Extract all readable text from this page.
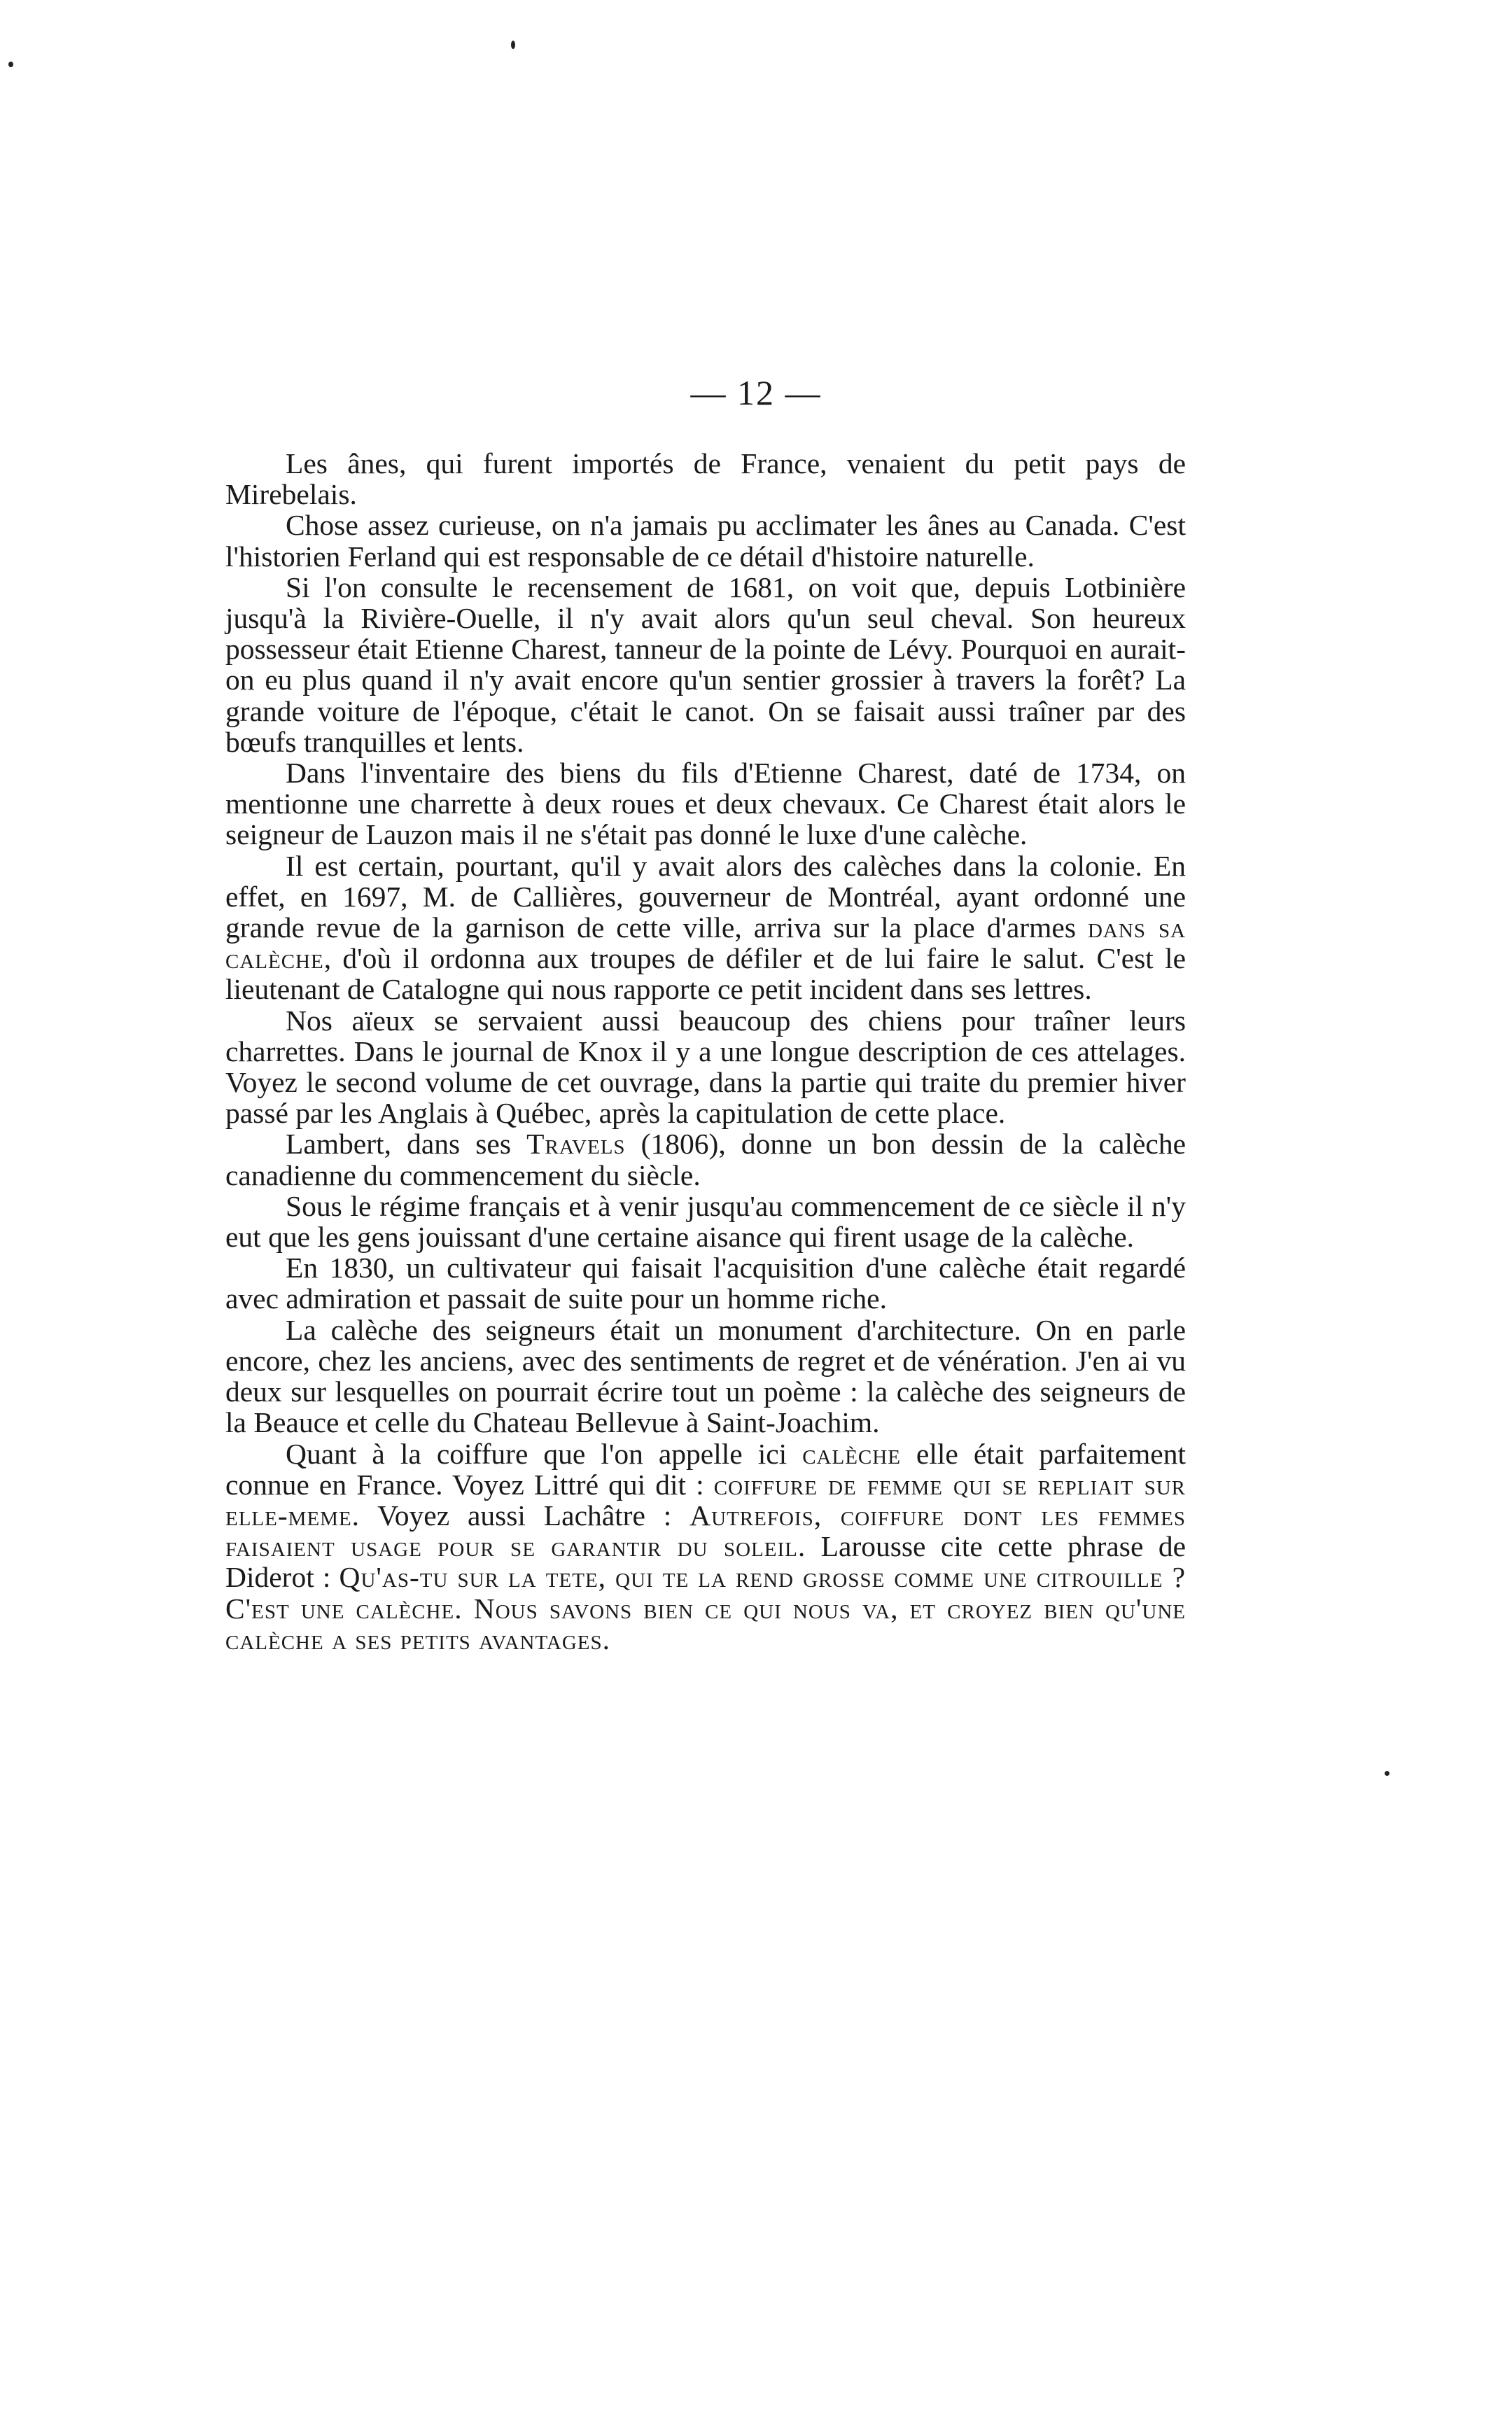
— 12 —

Les ânes, qui furent importés de France, venaient du petit pays de Mirebelais.

Chose assez curieuse, on n'a jamais pu acclimater les ânes au Canada. C'est l'historien Ferland qui est responsable de ce détail d'histoire naturelle.

Si l'on consulte le recensement de 1681, on voit que, depuis Lotbinière jusqu'à la Rivière-Ouelle, il n'y avait alors qu'un seul cheval. Son heureux possesseur était Etienne Charest, tanneur de la pointe de Lévy. Pourquoi en aurait-on eu plus quand il n'y avait encore qu'un sentier grossier à travers la forêt? La grande voiture de l'époque, c'était le canot. On se faisait aussi traîner par des bœufs tranquilles et lents.

Dans l'inventaire des biens du fils d'Etienne Charest, daté de 1734, on mentionne une charrette à deux roues et deux chevaux. Ce Charest était alors le seigneur de Lauzon mais il ne s'était pas donné le luxe d'une calèche.

Il est certain, pourtant, qu'il y avait alors des calèches dans la colonie. En effet, en 1697, M. de Callières, gouverneur de Montréal, ayant ordonné une grande revue de la garnison de cette ville, arriva sur la place d'armes dans sa calèche, d'où il ordonna aux troupes de défiler et de lui faire le salut. C'est le lieutenant de Catalogne qui nous rapporte ce petit incident dans ses lettres.

Nos aïeux se servaient aussi beaucoup des chiens pour traîner leurs charrettes. Dans le journal de Knox il y a une longue description de ces attelages. Voyez le second volume de cet ouvrage, dans la partie qui traite du premier hiver passé par les Anglais à Québec, après la capitulation de cette place.

Lambert, dans ses Travels (1806), donne un bon dessin de la calèche canadienne du commencement du siècle.

Sous le régime français et à venir jusqu'au commencement de ce siècle il n'y eut que les gens jouissant d'une certaine aisance qui firent usage de la calèche.

En 1830, un cultivateur qui faisait l'acquisition d'une calèche était regardé avec admiration et passait de suite pour un homme riche.

La calèche des seigneurs était un monument d'architecture. On en parle encore, chez les anciens, avec des sentiments de regret et de vénération. J'en ai vu deux sur lesquelles on pourrait écrire tout un poème : la calèche des seigneurs de la Beauce et celle du Chateau Bellevue à Saint-Joachim.

Quant à la coiffure que l'on appelle ici calèche elle était parfaitement connue en France. Voyez Littré qui dit : coiffure de femme qui se repliait sur elle-meme. Voyez aussi Lachâtre : Autrefois, coiffure dont les femmes faisaient usage pour se garantir du soleil. Larousse cite cette phrase de Diderot : Qu'as-tu sur la tete, qui te la rend grosse comme une citrouille ? C'est une calèche. Nous savons bien ce qui nous va, et croyez bien qu'une calèche a ses petits avantages.
